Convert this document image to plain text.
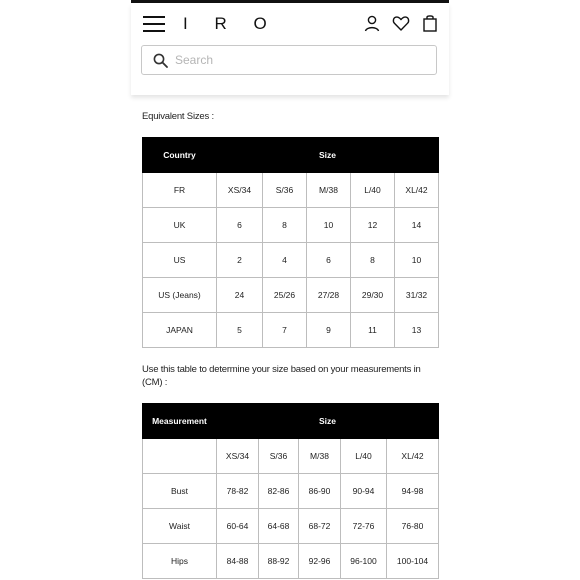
I R O
Search
Equivalent Sizes :
Country	Size				
FR	XS/34	S/36	M/38	L/40	XL/42
UK	6	8	10	12	14
US	2	4	6	8	10
US (Jeans)	24	25/26	27/28	29/30	31/32
JAPAN	5	7	9	11	13
Use this table to determine your size based on your measurements in (CM) :
Measurement	Size				
	XS/34	S/36	M/38	L/40	XL/42
Bust	78-82	82-86	86-90	90-94	94-98
Waist	60-64	64-68	68-72	72-76	76-80
Hips	84-88	88-92	92-96	96-100	100-104
